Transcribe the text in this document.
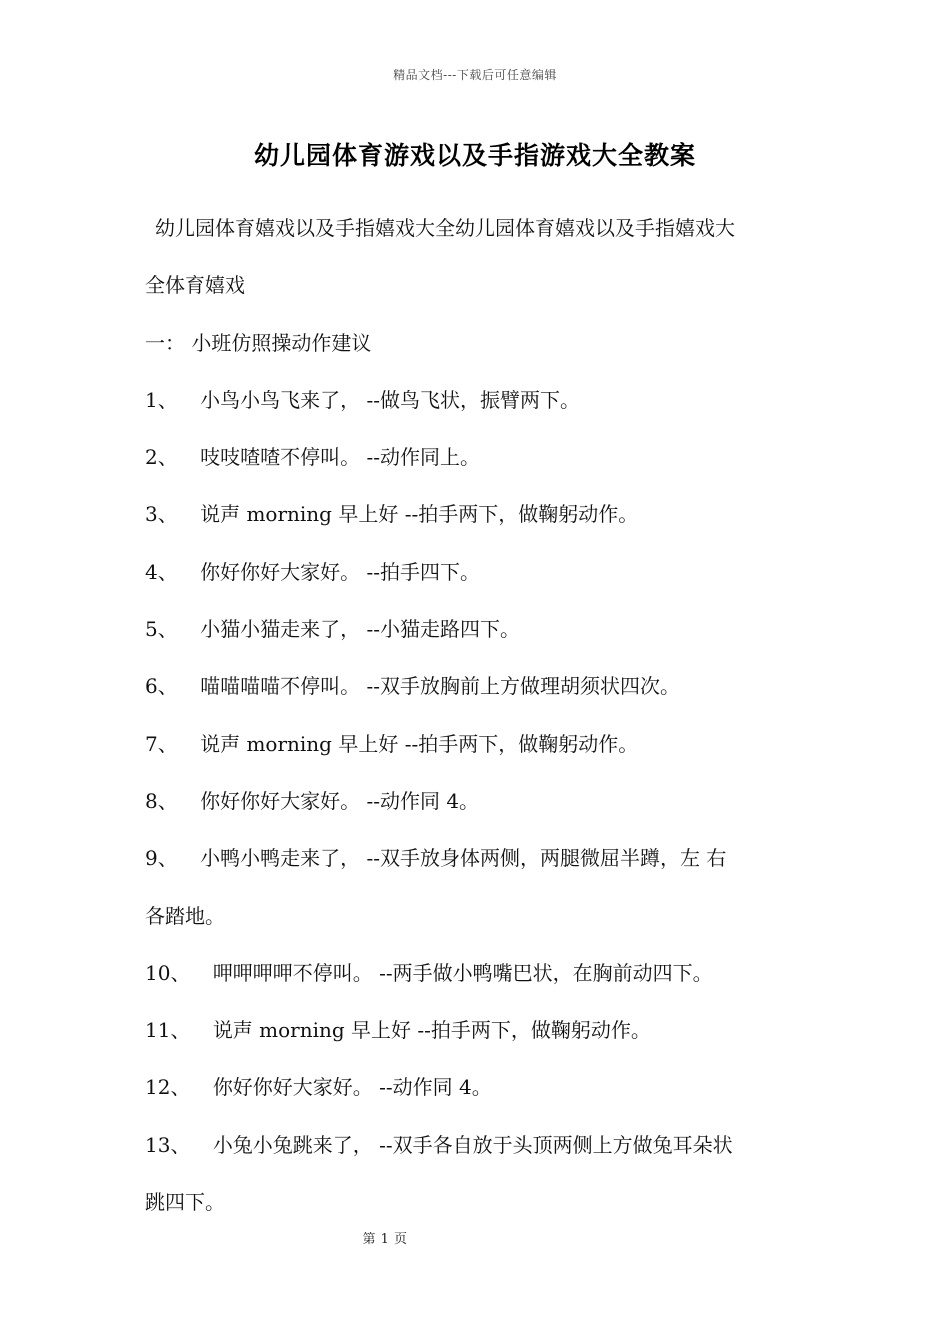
精品文档---下载后可任意编辑
幼儿园体育游戏以及手指游戏大全教案
幼儿园体育嬉戏以及手指嬉戏大全幼儿园体育嬉戏以及手指嬉戏大
全体育嬉戏
一： 小班仿照操动作建议
1、 小鸟小鸟飞来了， --做鸟飞状，振臂两下。
2、 吱吱喳喳不停叫。 --动作同上。
3、 说声 morning 早上好 --拍手两下，做鞠躬动作。
4、 你好你好大家好。 --拍手四下。
5、 小猫小猫走来了， --小猫走路四下。
6、 喵喵喵喵不停叫。 --双手放胸前上方做理胡须状四次。
7、 说声 morning 早上好 --拍手两下，做鞠躬动作。
8、 你好你好大家好。 --动作同 4。
9、 小鸭小鸭走来了， --双手放身体两侧，两腿微屈半蹲，左 右
各踏地。
10、 呷呷呷呷不停叫。 --两手做小鸭嘴巴状，在胸前动四下。
11、 说声 morning 早上好 --拍手两下，做鞠躬动作。
12、 你好你好大家好。 --动作同 4。
13、 小兔小兔跳来了， --双手各自放于头顶两侧上方做兔耳朵状
跳四下。
第 1 页
